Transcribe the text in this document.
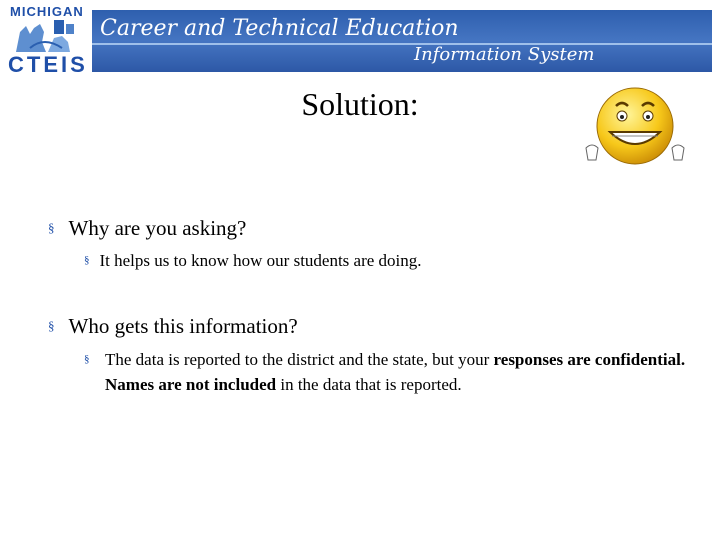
MICHIGAN
CTEIS
Career and Technical Education
Information System
Solution:
§ Why are you asking?
§ It helps us to know how our students are doing.
§ Who gets this information?
§ The data is reported to the district and the state, but your responses are confidential. Names are not included in the data that is reported.
